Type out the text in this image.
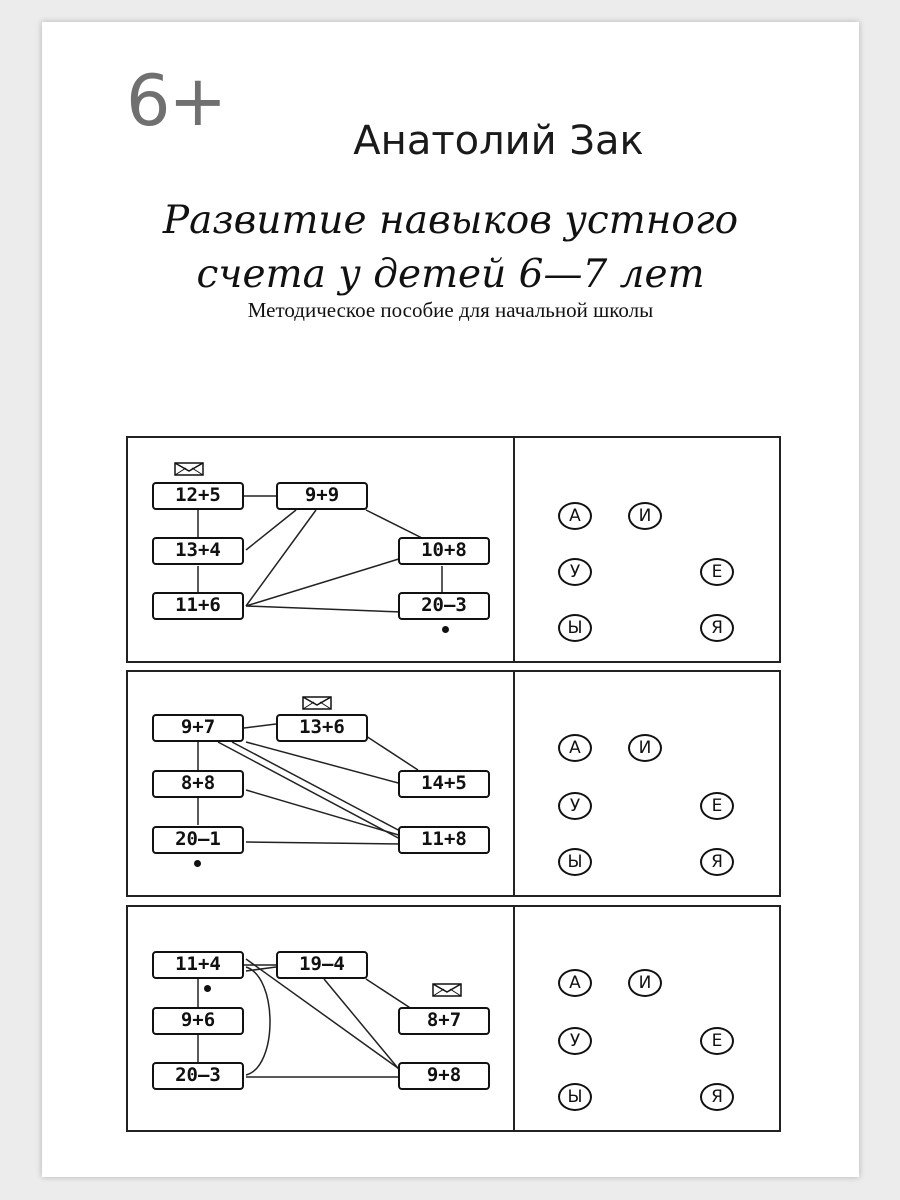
6+	Анатолий Зак
Развитие навыков устного
счета у детей 6—7 лет
Методическое пособие для начальной школы
12+5	9+9
13+4	10+8
11+6	20–3
А	И
У	Е
Ы	Я
9+7	13+6
8+8	14+5
20–1	11+8
А	И
У	Е
Ы	Я
11+4	19–4
9+6	8+7
20–3	9+8
А	И
У	Е
Ы	Я
